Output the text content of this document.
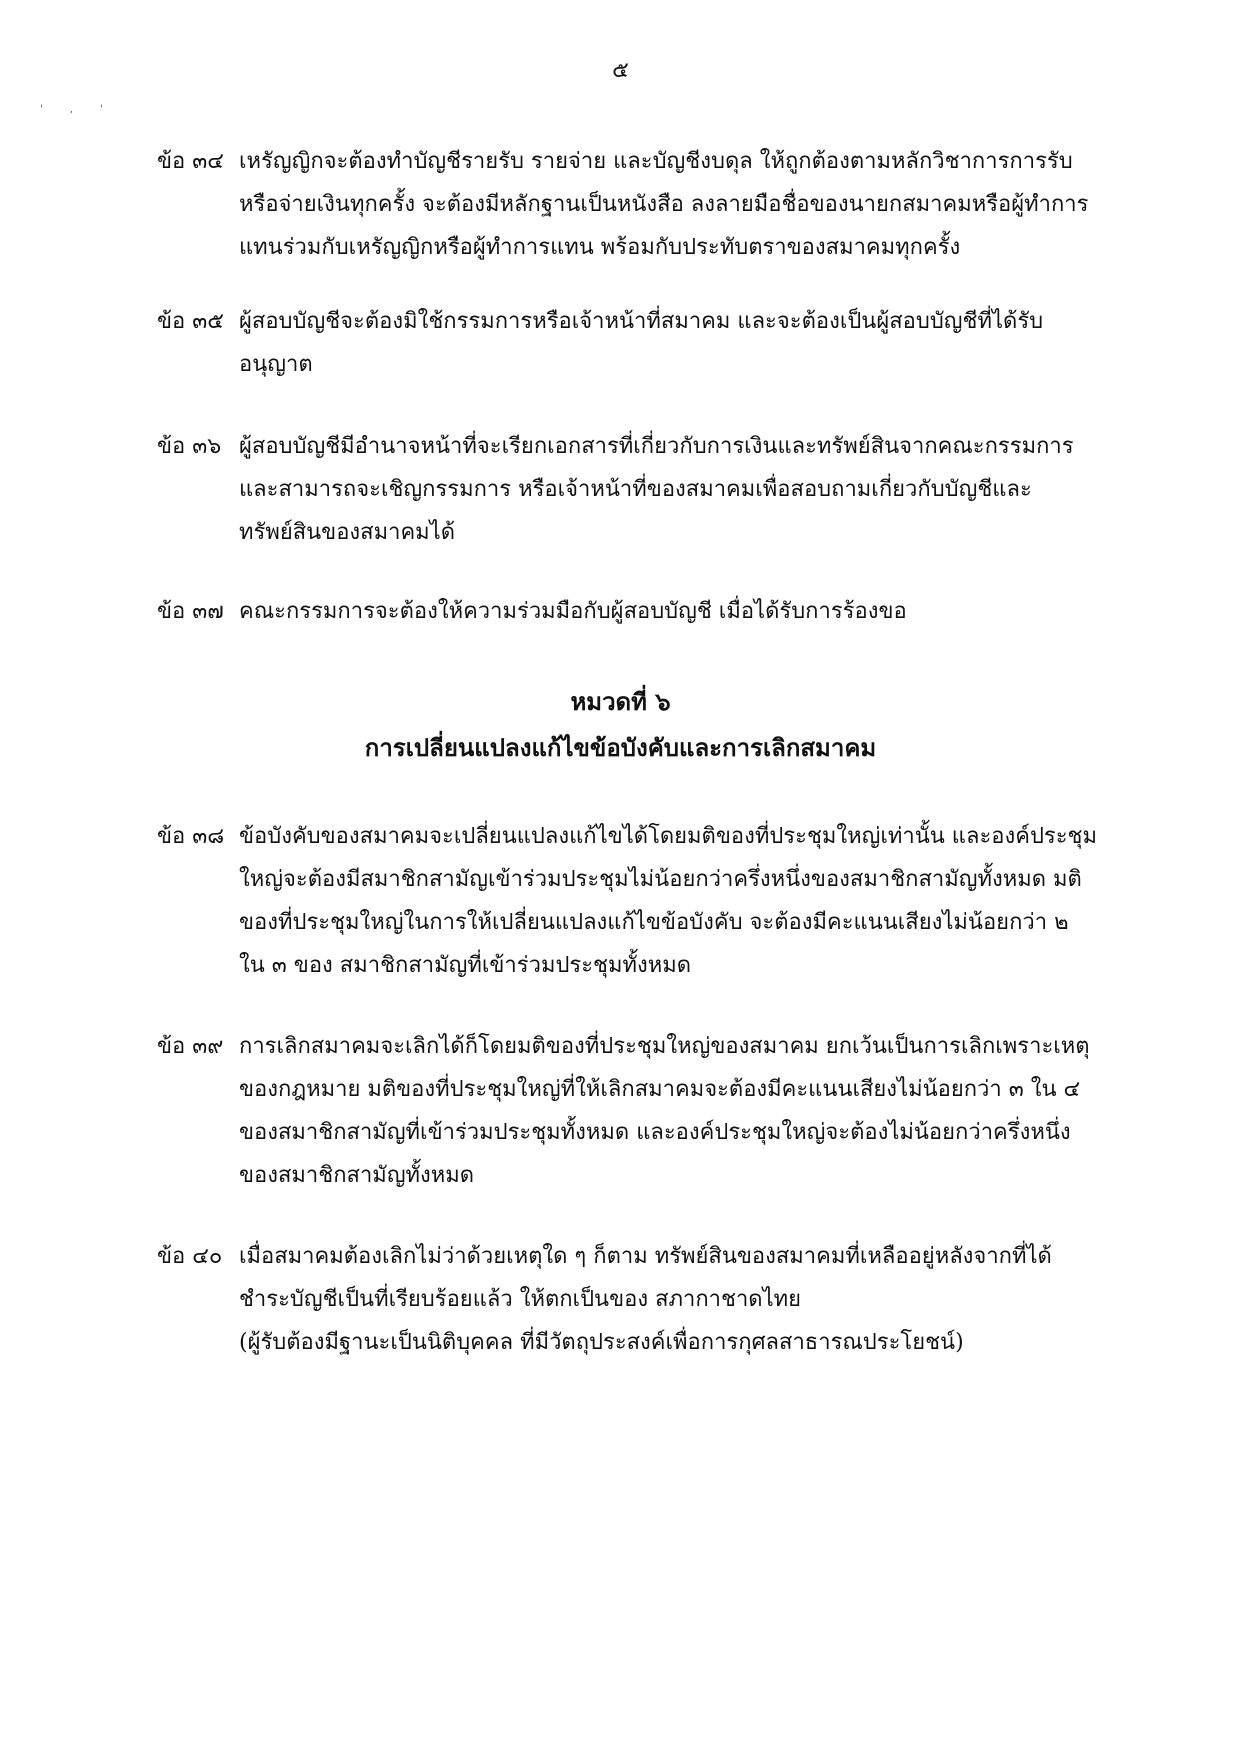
๕
' , '
ข้อ ๓๔ เหรัญญิกจะต้องทำบัญชีรายรับ รายจ่าย และบัญชีงบดุล ให้ถูกต้องตามหลักวิชาการการรับหรือจ่ายเงินทุกครั้ง จะต้องมีหลักฐานเป็นหนังสือ ลงลายมือชื่อของนายกสมาคมหรือผู้ทำการแทนร่วมกับเหรัญญิกหรือผู้ทำการแทน พร้อมกับประทับตราของสมาคมทุกครั้ง
ข้อ ๓๕ ผู้สอบบัญชีจะต้องมิใช้กรรมการหรือเจ้าหน้าที่สมาคม และจะต้องเป็นผู้สอบบัญชีที่ได้รับอนุญาต
ข้อ ๓๖ ผู้สอบบัญชีมีอำนาจหน้าที่จะเรียกเอกสารที่เกี่ยวกับการเงินและทรัพย์สินจากคณะกรรมการและสามารถจะเชิญกรรมการ หรือเจ้าหน้าที่ของสมาคมเพื่อสอบถามเกี่ยวกับบัญชีและทรัพย์สินของสมาคมได้
ข้อ ๓๗ คณะกรรมการจะต้องให้ความร่วมมือกับผู้สอบบัญชี เมื่อได้รับการร้องขอ
หมวดที่ ๖
การเปลี่ยนแปลงแก้ไขข้อบังคับและการเลิกสมาคม
ข้อ ๓๘ ข้อบังคับของสมาคมจะเปลี่ยนแปลงแก้ไขได้โดยมติของที่ประชุมใหญ่เท่านั้น และองค์ประชุมใหญ่จะต้องมีสมาชิกสามัญเข้าร่วมประชุมไม่น้อยกว่าครึ่งหนึ่งของสมาชิกสามัญทั้งหมด มติของที่ประชุมใหญ่ในการให้เปลี่ยนแปลงแก้ไขข้อบังคับ จะต้องมีคะแนนเสียงไม่น้อยกว่า ๒ ใน ๓ ของ สมาชิกสามัญที่เข้าร่วมประชุมทั้งหมด
ข้อ ๓๙ การเลิกสมาคมจะเลิกได้ก็โดยมติของที่ประชุมใหญ่ของสมาคม ยกเว้นเป็นการเลิกเพราะเหตุของกฎหมาย มติของที่ประชุมใหญ่ที่ให้เลิกสมาคมจะต้องมีคะแนนเสียงไม่น้อยกว่า ๓ ใน ๔ ของสมาชิกสามัญที่เข้าร่วมประชุมทั้งหมด และองค์ประชุมใหญ่จะต้องไม่น้อยกว่าครึ่งหนึ่งของสมาชิกสามัญทั้งหมด
ข้อ ๔๐ เมื่อสมาคมต้องเลิกไม่ว่าด้วยเหตุใด ๆ ก็ตาม ทรัพย์สินของสมาคมที่เหลืออยู่หลังจากที่ได้ชำระบัญชีเป็นที่เรียบร้อยแล้ว ให้ตกเป็นของ สภากาชาดไทย
(ผู้รับต้องมีฐานะเป็นนิติบุคคล ที่มีวัตถุประสงค์เพื่อการกุศลสาธารณประโยชน์)
